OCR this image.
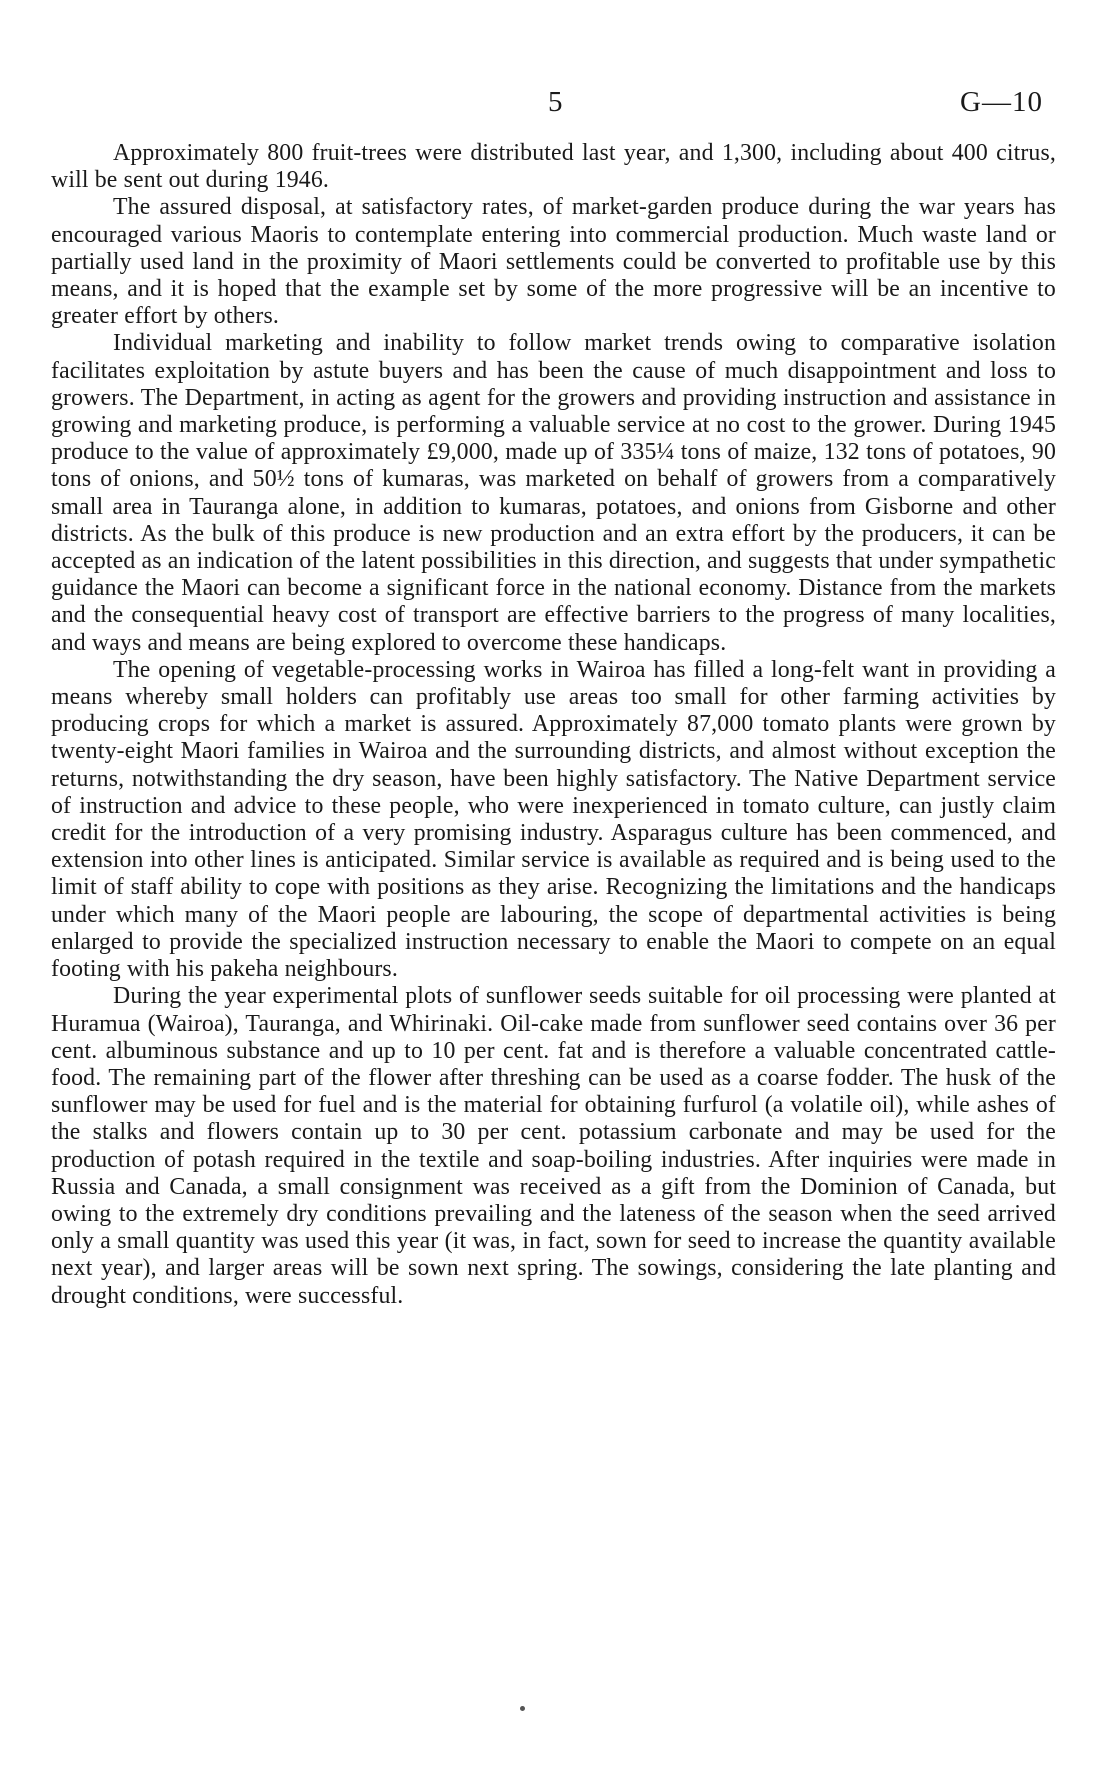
5	G—10

Approximately 800 fruit-trees were distributed last year, and 1,300, including about 400 citrus, will be sent out during 1946.

The assured disposal, at satisfactory rates, of market-garden produce during the war years has encouraged various Maoris to contemplate entering into commercial production. Much waste land or partially used land in the proximity of Maori settlements could be converted to profitable use by this means, and it is hoped that the example set by some of the more progressive will be an incentive to greater effort by others.

Individual marketing and inability to follow market trends owing to comparative isolation facilitates exploitation by astute buyers and has been the cause of much disappointment and loss to growers. The Department, in acting as agent for the growers and providing instruction and assistance in growing and marketing produce, is performing a valuable service at no cost to the grower. During 1945 produce to the value of approximately £9,000, made up of 335¼ tons of maize, 132 tons of potatoes, 90 tons of onions, and 50½ tons of kumaras, was marketed on behalf of growers from a comparatively small area in Tauranga alone, in addition to kumaras, potatoes, and onions from Gisborne and other districts. As the bulk of this produce is new production and an extra effort by the producers, it can be accepted as an indication of the latent possibilities in this direction, and suggests that under sympathetic guidance the Maori can become a significant force in the national economy. Distance from the markets and the consequential heavy cost of transport are effective barriers to the progress of many localities, and ways and means are being explored to overcome these handicaps.

The opening of vegetable-processing works in Wairoa has filled a long-felt want in providing a means whereby small holders can profitably use areas too small for other farming activities by producing crops for which a market is assured. Approximately 87,000 tomato plants were grown by twenty-eight Maori families in Wairoa and the surrounding districts, and almost without exception the returns, notwithstanding the dry season, have been highly satisfactory. The Native Department service of instruction and advice to these people, who were inexperienced in tomato culture, can justly claim credit for the introduction of a very promising industry. Asparagus culture has been commenced, and extension into other lines is anticipated. Similar service is available as required and is being used to the limit of staff ability to cope with positions as they arise. Recognizing the limitations and the handicaps under which many of the Maori people are labouring, the scope of departmental activities is being enlarged to provide the specialized instruction necessary to enable the Maori to compete on an equal footing with his pakeha neighbours.

During the year experimental plots of sunflower seeds suitable for oil processing were planted at Huramua (Wairoa), Tauranga, and Whirinaki. Oil-cake made from sunflower seed contains over 36 per cent. albuminous substance and up to 10 per cent. fat and is therefore a valuable concentrated cattle-food. The remaining part of the flower after threshing can be used as a coarse fodder. The husk of the sunflower may be used for fuel and is the material for obtaining furfurol (a volatile oil), while ashes of the stalks and flowers contain up to 30 per cent. potassium carbonate and may be used for the production of potash required in the textile and soap-boiling industries. After inquiries were made in Russia and Canada, a small consignment was received as a gift from the Dominion of Canada, but owing to the extremely dry conditions prevailing and the lateness of the season when the seed arrived only a small quantity was used this year (it was, in fact, sown for seed to increase the quantity available next year), and larger areas will be sown next spring. The sowings, considering the late planting and drought conditions, were successful.
